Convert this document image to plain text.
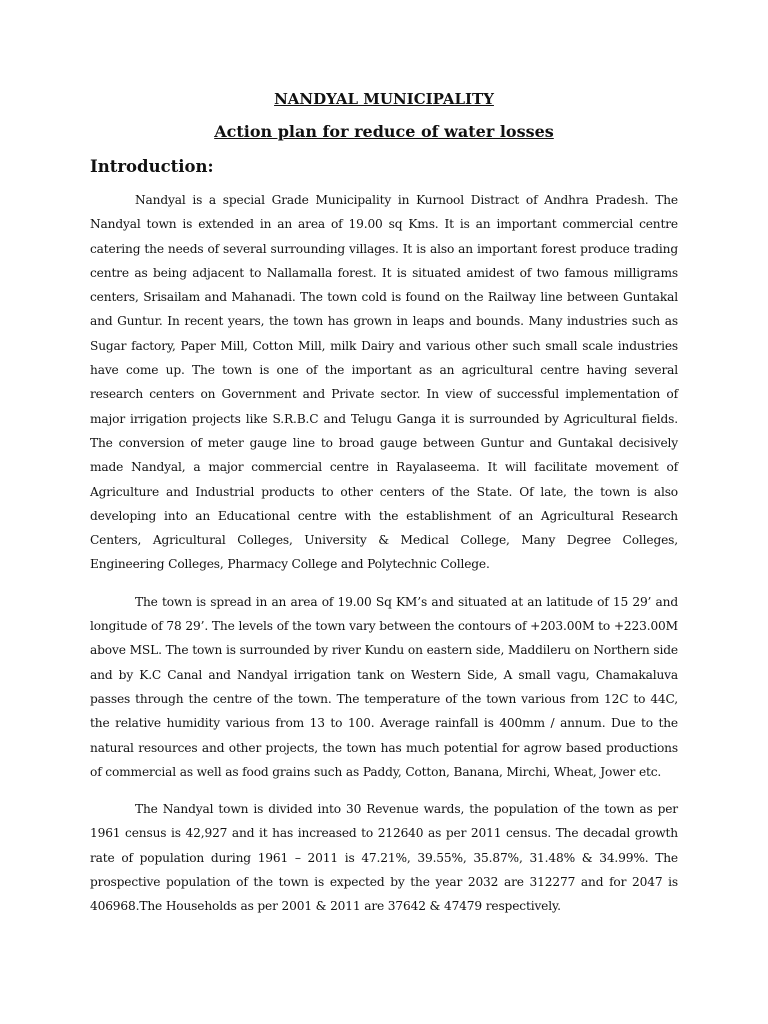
NANDYAL MUNICIPALITY
Action plan for reduce of water losses
Introduction:

Nandyal is a special Grade Municipality in Kurnool Distract of Andhra Pradesh. The Nandyal town is extended in an area of 19.00 sq Kms. It is an important commercial centre catering the needs of several surrounding villages. It is also an important forest produce trading centre as being adjacent to Nallamalla forest. It is situated amidest of two famous milligrams centers, Srisailam and Mahanadi. The town cold is found on the Railway line between Guntakal and Guntur. In recent years, the town has grown in leaps and bounds. Many industries such as Sugar factory, Paper Mill, Cotton Mill, milk Dairy and various other such small scale industries have come up. The town is one of the important as an agricultural centre having several research centers on Government and Private sector. In view of successful implementation of major irrigation projects like S.R.B.C and Telugu Ganga it is surrounded by Agricultural fields. The conversion of meter gauge line to broad gauge between Guntur and Guntakal decisively made Nandyal, a major commercial centre in Rayalaseema. It will facilitate movement of Agriculture and Industrial products to other centers of the State. Of late, the town is also developing into an Educational centre with the establishment of an Agricultural Research Centers, Agricultural Colleges, University & Medical College, Many Degree Colleges, Engineering Colleges, Pharmacy College and Polytechnic College.

The town is spread in an area of 19.00 Sq KM’s and situated at an latitude of 15 29’ and longitude of 78 29’. The levels of the town vary between the contours of +203.00M to +223.00M above MSL. The town is surrounded by river Kundu on eastern side, Maddileru on Northern side and by K.C Canal and Nandyal irrigation tank on Western Side, A small vagu, Chamakaluva passes through the centre of the town. The temperature of the town various from 12C to 44C, the relative humidity various from 13 to 100. Average rainfall is 400mm / annum. Due to the natural resources and other projects, the town has much potential for agrow based productions of commercial as well as food grains such as Paddy, Cotton, Banana, Mirchi, Wheat, Jower etc.

The Nandyal town is divided into 30 Revenue wards, the population of the town as per 1961 census is 42,927 and it has increased to 212640 as per 2011 census. The decadal growth rate of population during 1961 – 2011 is 47.21%, 39.55%, 35.87%, 31.48% & 34.99%. The prospective population of the town is expected by the year 2032 are 312277 and for 2047 is 406968.The Households as per 2001 & 2011 are 37642 & 47479 respectively.
